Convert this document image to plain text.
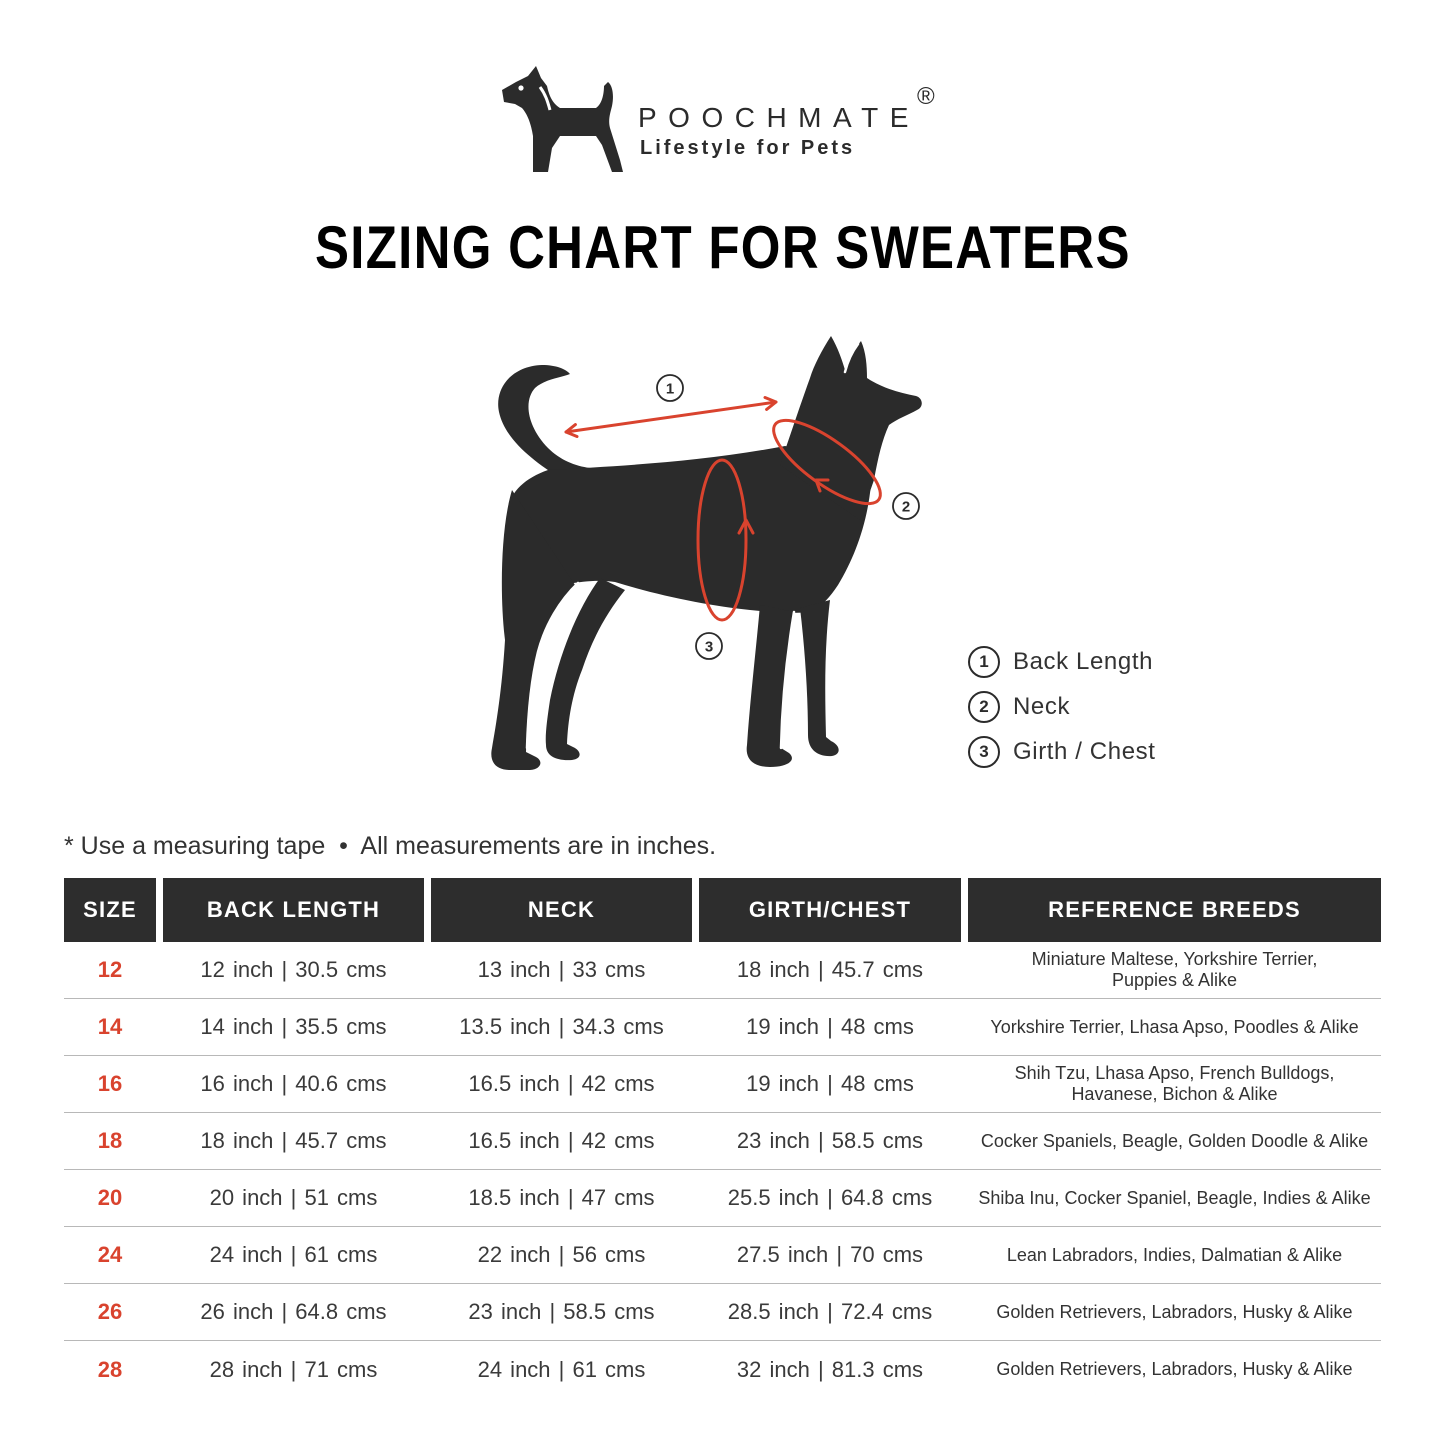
POOCHMATE
®
Lifestyle for Pets
SIZING CHART FOR SWEATERS
1
2
3
1	Back Length
2	Neck
3	Girth / Chest
* Use a measuring tape  •  All measurements are in inches.
SIZE	BACK LENGTH	NECK	GIRTH/CHEST	REFERENCE BREEDS
12	12 inch | 30.5 cms	13 inch | 33 cms	18 inch | 45.7 cms	Miniature Maltese, Yorkshire Terrier,
Puppies & Alike
14	14 inch | 35.5 cms	13.5 inch | 34.3 cms	19 inch | 48 cms	Yorkshire Terrier, Lhasa Apso, Poodles & Alike
16	16 inch | 40.6 cms	16.5 inch | 42 cms	19 inch | 48 cms	Shih Tzu, Lhasa Apso, French Bulldogs,
Havanese, Bichon & Alike
18	18 inch | 45.7 cms	16.5 inch | 42 cms	23 inch | 58.5 cms	Cocker Spaniels, Beagle, Golden Doodle & Alike
20	20 inch | 51 cms	18.5 inch | 47 cms	25.5 inch | 64.8 cms	Shiba Inu, Cocker Spaniel, Beagle, Indies & Alike
24	24 inch | 61 cms	22 inch | 56 cms	27.5 inch | 70 cms	Lean Labradors, Indies, Dalmatian & Alike
26	26 inch | 64.8 cms	23 inch | 58.5 cms	28.5 inch | 72.4 cms	Golden Retrievers, Labradors, Husky & Alike
28	28 inch | 71 cms	24 inch | 61 cms	32 inch | 81.3 cms	Golden Retrievers, Labradors, Husky & Alike
